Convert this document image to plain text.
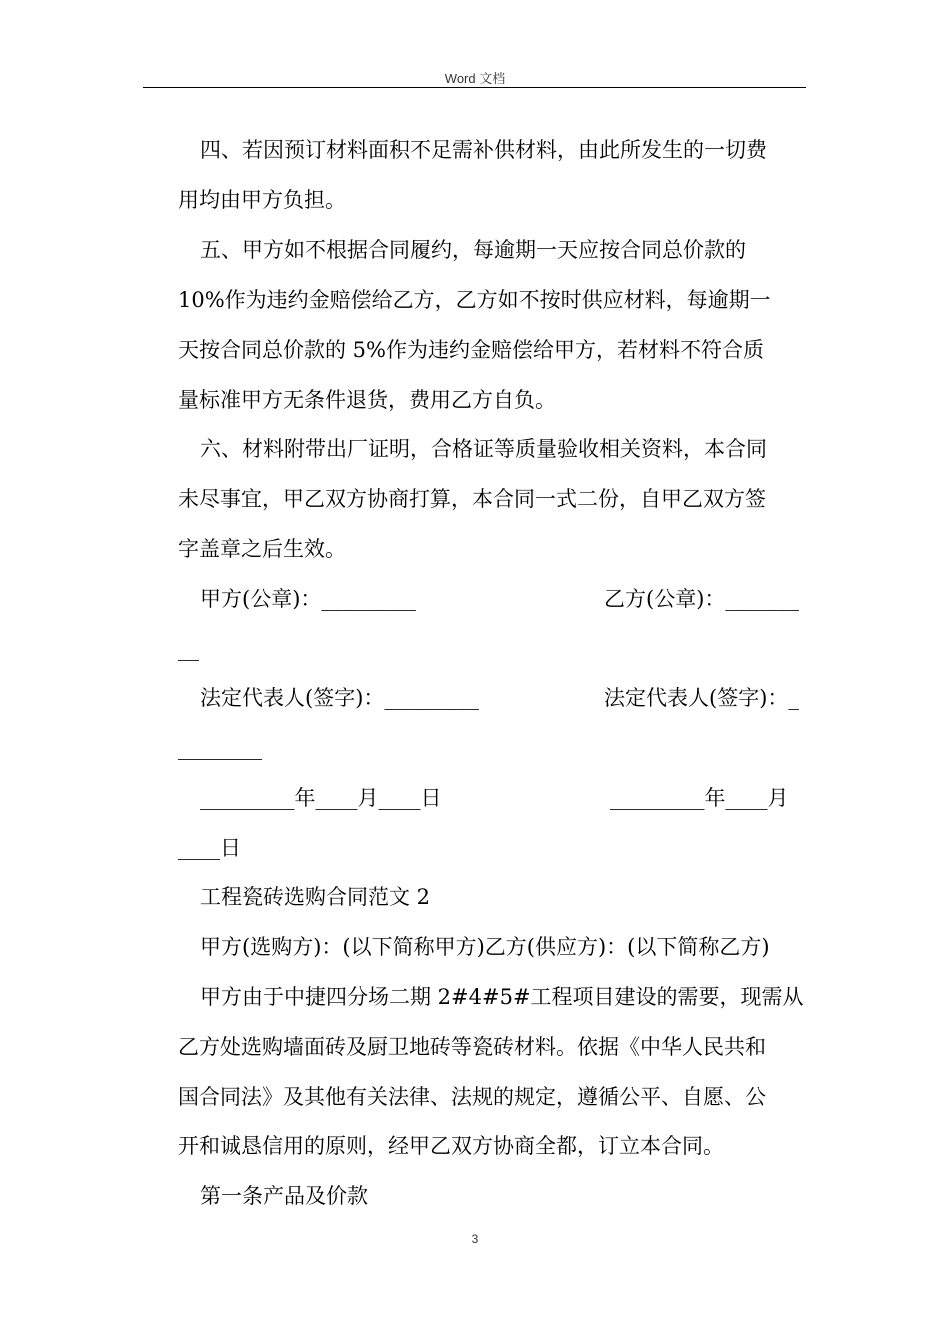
Word 文档
四、若因预订材料面积不足需补供材料，由此所发生的一切费
用均由甲方负担。
五、甲方如不根据合同履约，每逾期一天应按合同总价款的
10%作为违约金赔偿给乙方，乙方如不按时供应材料，每逾期一
天按合同总价款的 5%作为违约金赔偿给甲方，若材料不符合质
量标准甲方无条件退货，费用乙方自负。
六、材料附带出厂证明，合格证等质量验收相关资料，本合同
未尽事宜，甲乙双方协商打算，本合同一式二份，自甲乙双方签
字盖章之后生效。
甲方(公章)：_________	乙方(公章)：_______
__
法定代表人(签字)：_________	法定代表人(签字)：_
________
_________年____月____日	_________年____月
____日
工程瓷砖选购合同范文 2
甲方(选购方)：(以下简称甲方)乙方(供应方)：(以下简称乙方)
甲方由于中捷四分场二期 2#4#5#工程项目建设的需要，现需从
乙方处选购墙面砖及厨卫地砖等瓷砖材料。依据《中华人民共和
国合同法》及其他有关法律、法规的规定，遵循公平、自愿、公
开和诚恳信用的原则，经甲乙双方协商全都，订立本合同。
第一条产品及价款
3
